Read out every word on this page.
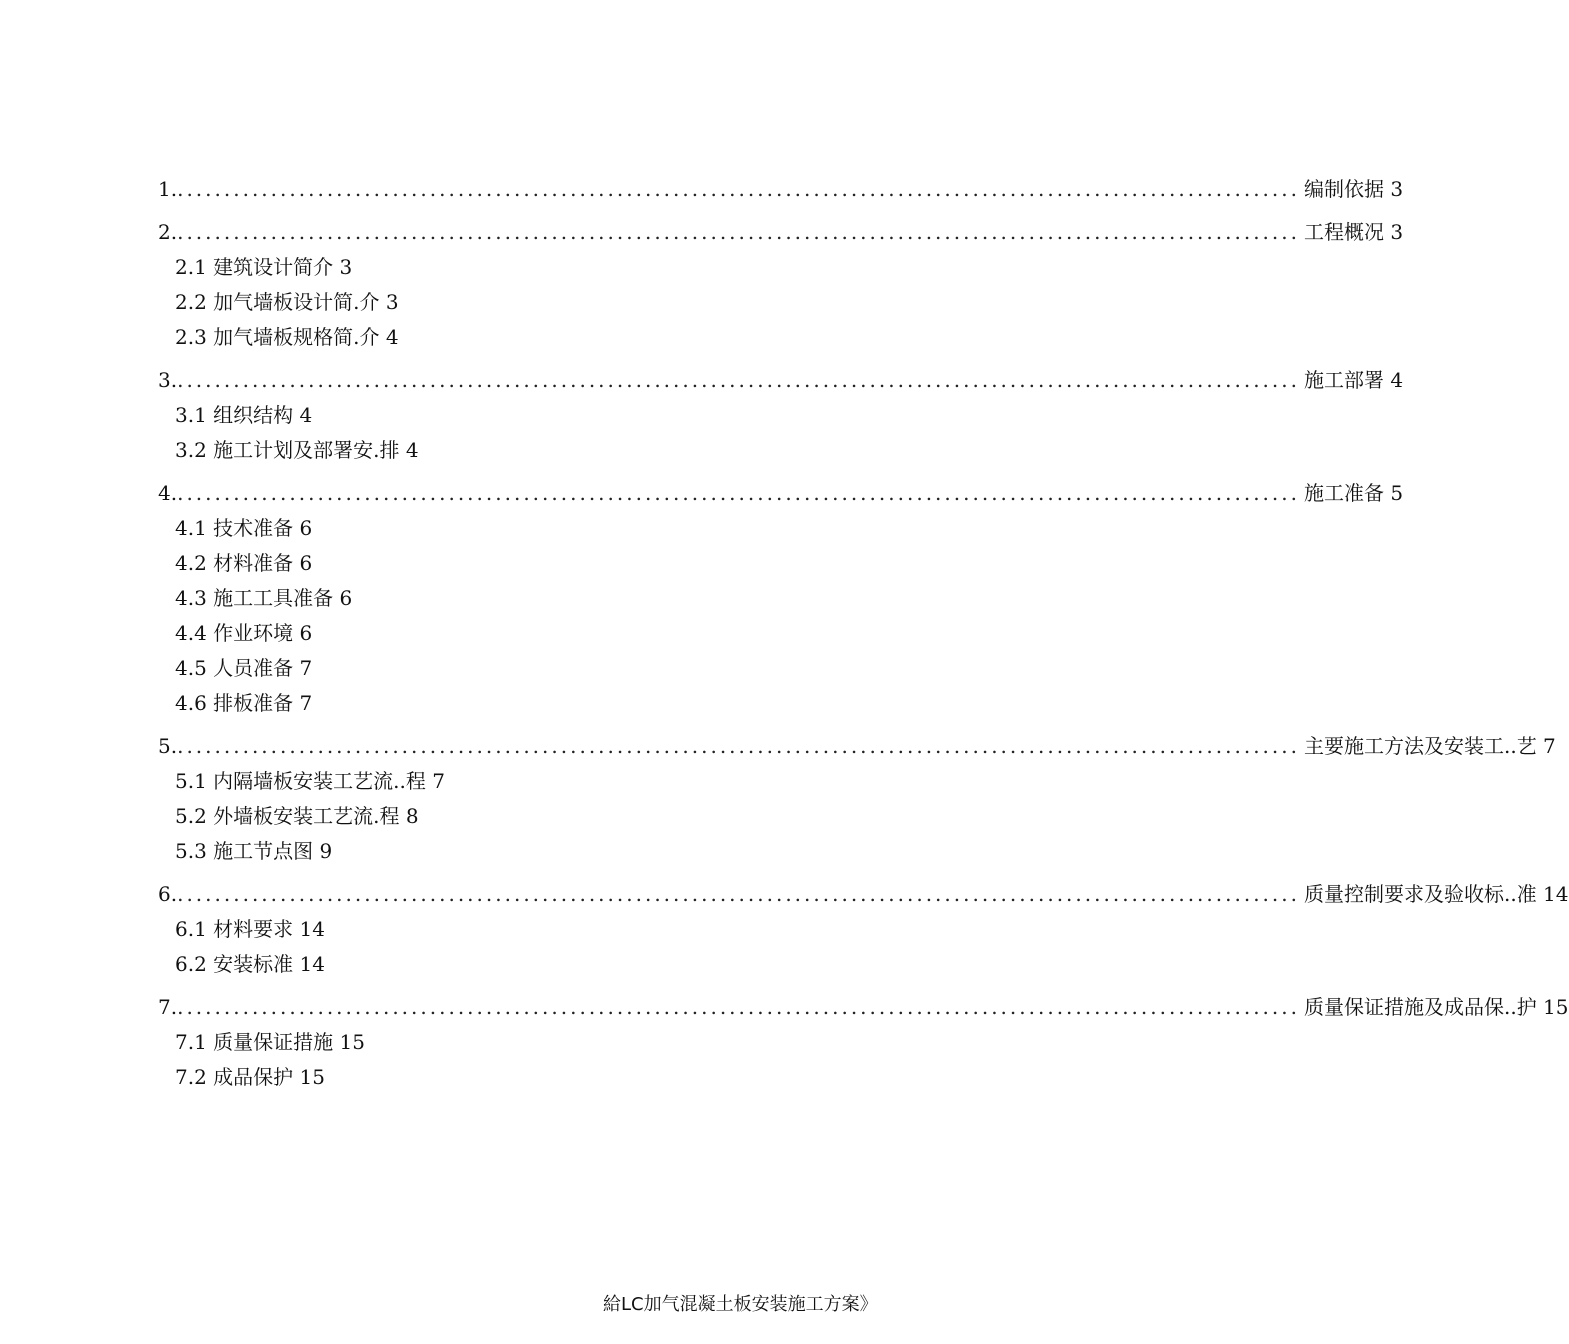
1. ........................................................................................................................ 编制依据 3
2. ........................................................................................................................ 工程概况 3
2.1 建筑设计简介 3
2.2 加气墙板设计简.介 3
2.3 加气墙板规格简.介 4
3. ........................................................................................................................ 施工部署 4
3.1 组织结构 4
3.2 施工计划及部署安.排 4
4. ........................................................................................................................ 施工准备 5
4.1 技术准备 6
4.2 材料准备 6
4.3 施工工具准备 6
4.4 作业环境 6
4.5 人员准备 7
4.6 排板准备 7
5. ........................................................................................................................ 主要施工方法及安装工..艺 7
5.1 内隔墙板安装工艺流..程 7
5.2 外墙板安装工艺流.程 8
5.3 施工节点图 9
6. ........................................................................................................................ 质量控制要求及验收标..准 14
6.1 材料要求 14
6.2 安装标准 14
7. ........................................................................................................................ 质量保证措施及成品保..护 15
7.1 质量保证措施 15
7.2 成品保护 15
給LC加气混凝土板安装施工方案》
